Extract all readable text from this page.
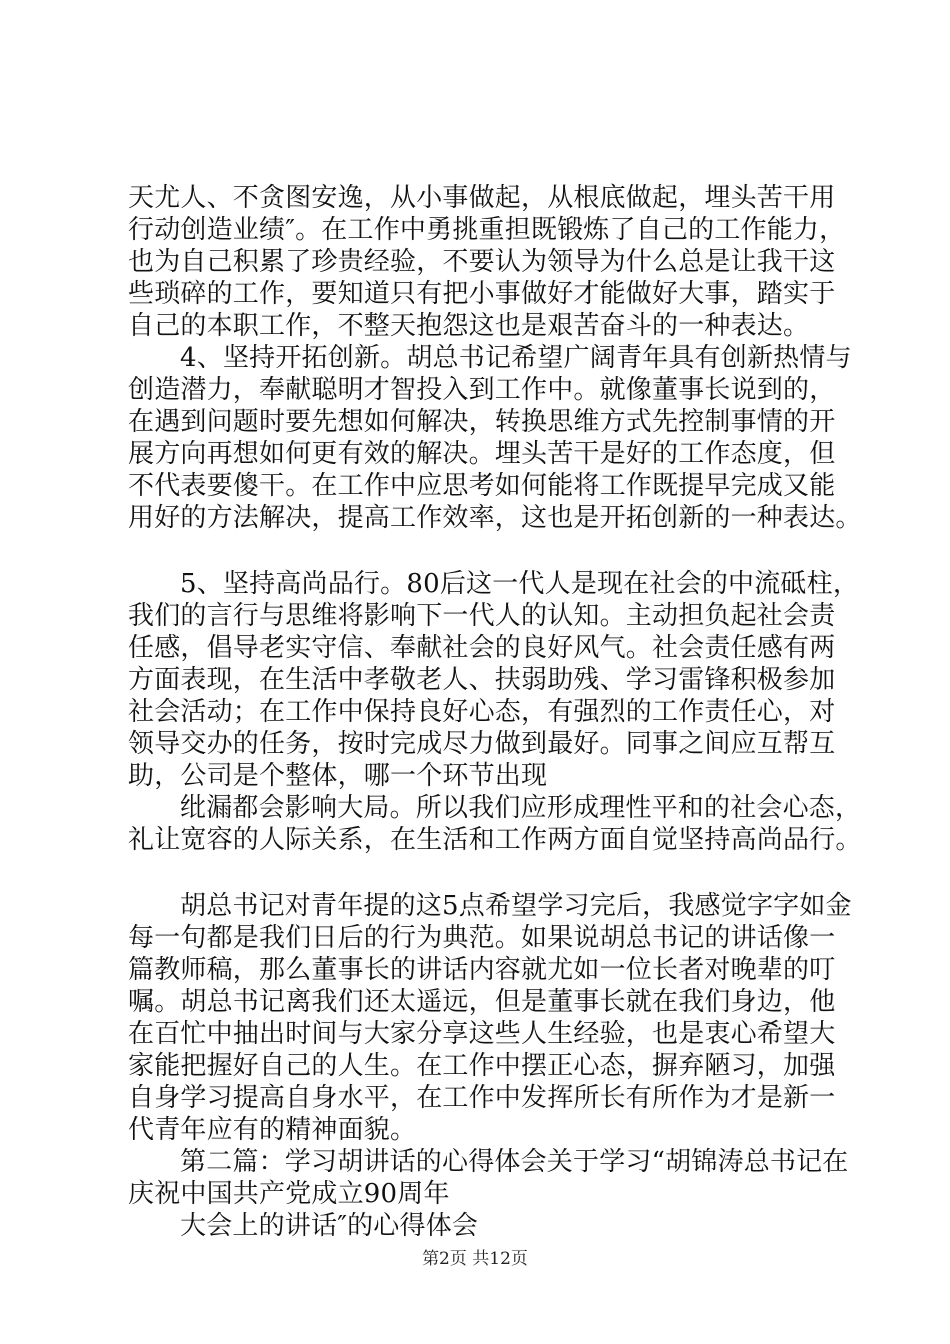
天尤人、不贪图安逸，从小事做起，从根底做起，埋头苦干用
行动创造业绩″。在工作中勇挑重担既锻炼了自己的工作能力，
也为自己积累了珍贵经验，不要认为领导为什么总是让我干这
些琐碎的工作，要知道只有把小事做好才能做好大事，踏实于
自己的本职工作，不整天抱怨这也是艰苦奋斗的一种表达。
4、坚持开拓创新。胡总书记希望广阔青年具有创新热情与
创造潜力，奉献聪明才智投入到工作中。就像董事长说到的，
在遇到问题时要先想如何解决，转换思维方式先控制事情的开
展方向再想如何更有效的解决。埋头苦干是好的工作态度，但
不代表要傻干。在工作中应思考如何能将工作既提早完成又能
用好的方法解决，提高工作效率，这也是开拓创新的一种表达。
5、坚持高尚品行。80后这一代人是现在社会的中流砥柱，
我们的言行与思维将影响下一代人的认知。主动担负起社会责
任感，倡导老实守信、奉献社会的良好风气。社会责任感有两
方面表现，在生活中孝敬老人、扶弱助残、学习雷锋积极参加
社会活动；在工作中保持良好心态，有强烈的工作责任心，对
领导交办的任务，按时完成尽力做到最好。同事之间应互帮互
助，公司是个整体，哪一个环节出现
纰漏都会影响大局。所以我们应形成理性平和的社会心态，
礼让宽容的人际关系，在生活和工作两方面自觉坚持高尚品行。
胡总书记对青年提的这5点希望学习完后，我感觉字字如金
每一句都是我们日后的行为典范。如果说胡总书记的讲话像一
篇教师稿，那么董事长的讲话内容就尤如一位长者对晚辈的叮
嘱。胡总书记离我们还太遥远，但是董事长就在我们身边，他
在百忙中抽出时间与大家分享这些人生经验，也是衷心希望大
家能把握好自己的人生。在工作中摆正心态，摒弃陋习，加强
自身学习提高自身水平，在工作中发挥所长有所作为才是新一
代青年应有的精神面貌。
第二篇：学习胡讲话的心得体会关于学习“胡锦涛总书记在
庆祝中国共产党成立90周年
大会上的讲话″的心得体会
第2页 共12页
